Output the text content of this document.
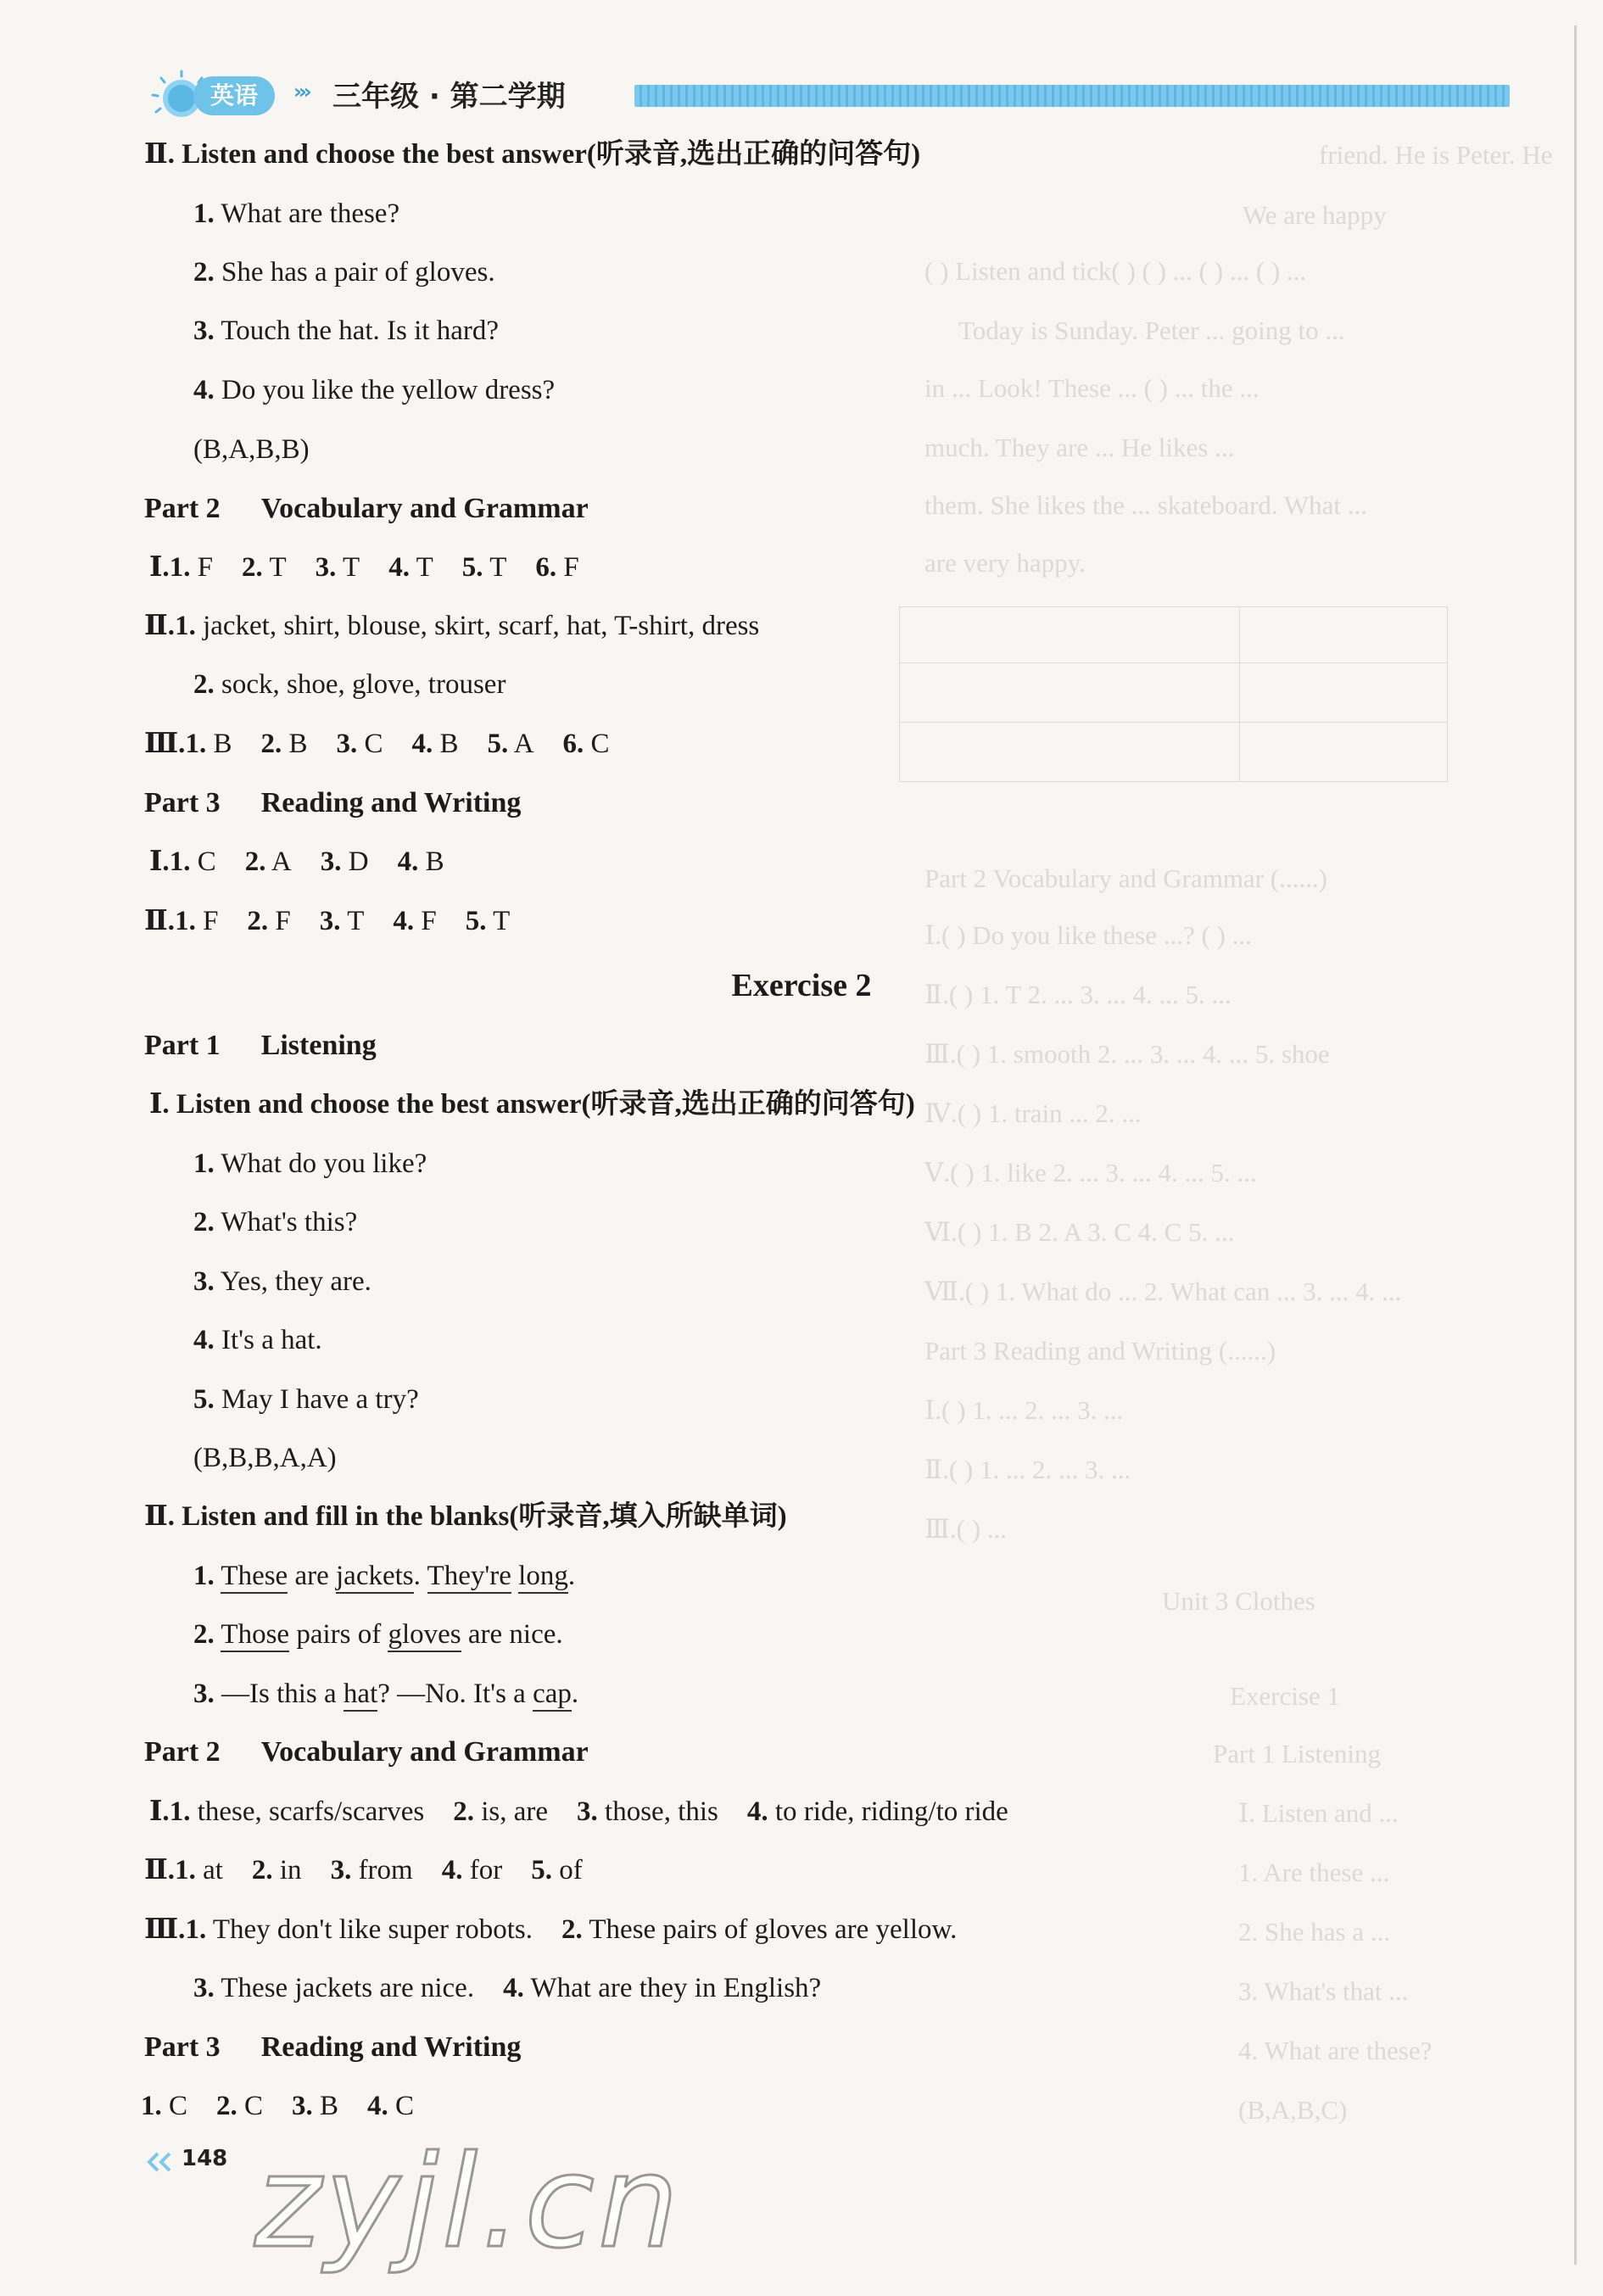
friend. He is Peter. He
We are happy
( ) Listen and tick( ) ( ) ... ( ) ... ( ) ...
Today is Sunday. Peter ... going to ...
in ... Look! These ... ( ) ... the ...
much. They are ... He likes ...
them. She likes the ... skateboard. What ...
are very happy.
Part 2 Vocabulary and Grammar (......)
Ⅰ.( ) Do you like these ...? ( ) ...
Ⅱ.( ) 1. T 2. ... 3. ... 4. ... 5. ...
Ⅲ.( ) 1. smooth 2. ... 3. ... 4. ... 5. shoe
Ⅳ.( ) 1. train ... 2. ...
Ⅴ.( ) 1. like 2. ... 3. ... 4. ... 5. ...
Ⅵ.( ) 1. B 2. A 3. C 4. C 5. ...
Ⅶ.( ) 1. What do ... 2. What can ... 3. ... 4. ...
Part 3 Reading and Writing (......)
Ⅰ.( ) 1. ... 2. ... 3. ...
Ⅱ.( ) 1. ... 2. ... 3. ...
Ⅲ.( ) ...
Unit 3 Clothes
Exercise 1
Part 1 Listening
Ⅰ. Listen and ...
1. Are these ...
2. She has a ...
3. What's that ...
4. What are these?
(B,A,B,C)
英语	››› 三年级 · 第二学期
Ⅱ. Listen and choose the best answer(听录音,选出正确的问答句)
1. What are these?
2. She has a pair of gloves.
3. Touch the hat. Is it hard?
4. Do you like the yellow dress?
(B,A,B,B)
Part 2 Vocabulary and Grammar
Ⅰ.1. F 2. T 3. T 4. T 5. T 6. F
Ⅱ.1. jacket, shirt, blouse, skirt, scarf, hat, T-shirt, dress
2. sock, shoe, glove, trouser
Ⅲ.1. B 2. B 3. C 4. B 5. A 6. C
Part 3 Reading and Writing
Ⅰ.1. C 2. A 3. D 4. B
Ⅱ.1. F 2. F 3. T 4. F 5. T
Exercise 2
Part 1 Listening
Ⅰ. Listen and choose the best answer(听录音,选出正确的问答句)
1. What do you like?
2. What's this?
3. Yes, they are.
4. It's a hat.
5. May I have a try?
(B,B,B,A,A)
Ⅱ. Listen and fill in the blanks(听录音,填入所缺单词)
1. These are jackets. They're long.
2. Those pairs of gloves are nice.
3. —Is this a hat? —No. It's a cap.
Part 2 Vocabulary and Grammar
Ⅰ.1. these, scarfs/scarves 2. is, are 3. those, this 4. to ride, riding/to ride
Ⅱ.1. at 2. in 3. from 4. for 5. of
Ⅲ.1. They don't like super robots. 2. These pairs of gloves are yellow.
3. These jackets are nice. 4. What are they in English?
Part 3 Reading and Writing
1. C 2. C 3. B 4. C
148 zyjl.cn
